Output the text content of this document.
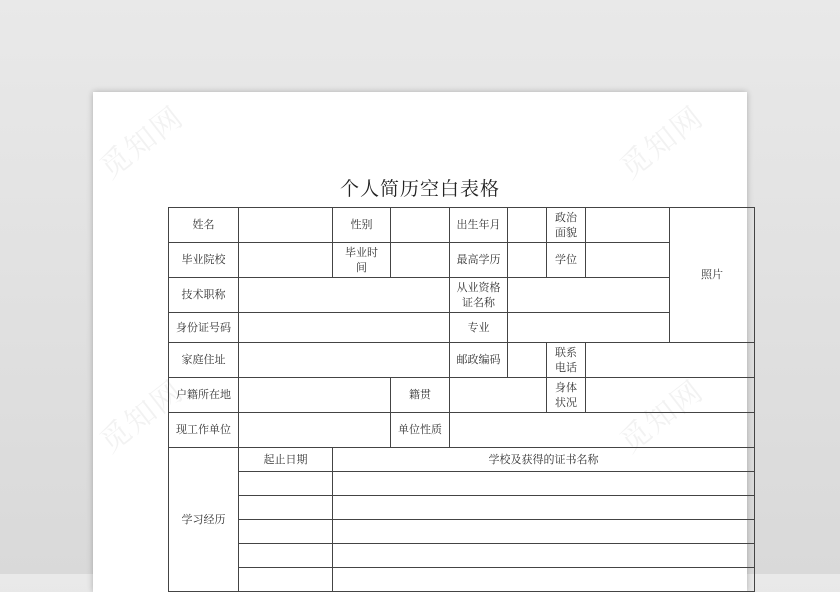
个人简历空白表格
姓名		性别		出生年月		政治面貌		照片
毕业院校		毕业时间		最高学历		学位		
技术职称				从业资格证名称				
身份证号码				专业				
家庭住址				邮政编码		联系电话		
户籍所在地			籍贯			身体状况		
现工作单位			单位性质					
学习经历	起止日期	学校及获得的证书名称						
